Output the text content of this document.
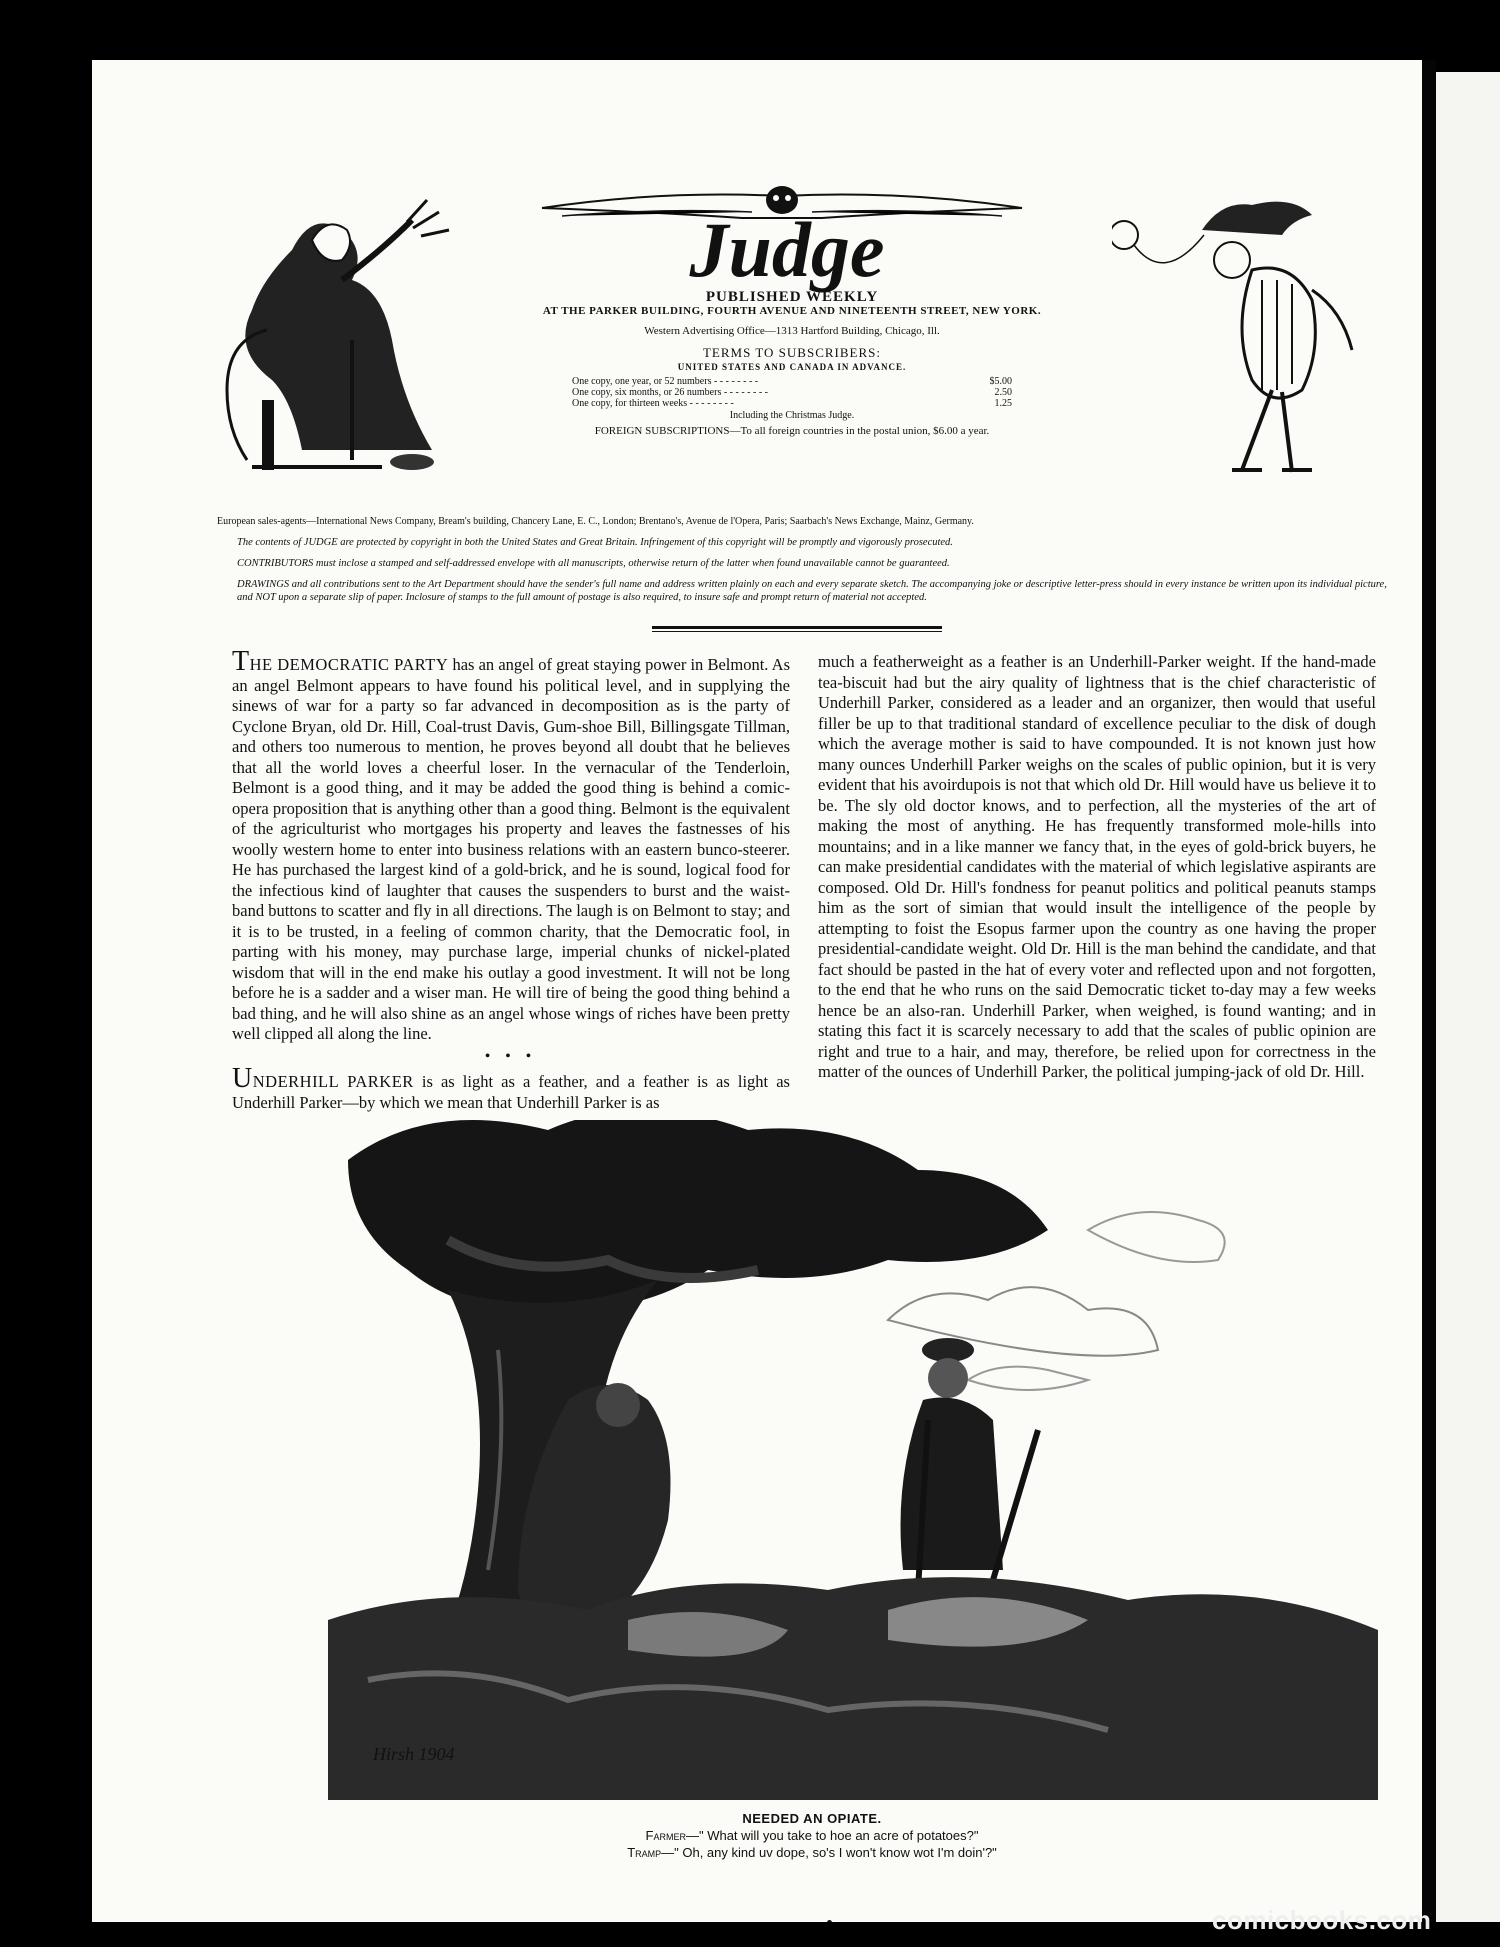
Judge
PUBLISHED WEEKLY
AT THE PARKER BUILDING, FOURTH AVENUE AND NINETEENTH STREET, NEW YORK.
Western Advertising Office—1313 Hartford Building, Chicago, Ill.
TERMS TO SUBSCRIBERS:
UNITED STATES AND CANADA IN ADVANCE.
One copy, one year, or 52 numbers - - - - - - - -	$5.00
One copy, six months, or 26 numbers - - - - - - - -	2.50
One copy, for thirteen weeks - - - - - - - -	1.25
Including the Christmas Judge.
FOREIGN SUBSCRIPTIONS—To all foreign countries in the postal union, $6.00 a year.

European sales-agents—International News Company, Bream's building, Chancery Lane, E. C., London; Brentano's, Avenue de l'Opera, Paris; Saarbach's News Exchange, Mainz, Germany.

The contents of JUDGE are protected by copyright in both the United States and Great Britain. Infringement of this copyright will be promptly and vigorously prosecuted.

CONTRIBUTORS must inclose a stamped and self-addressed envelope with all manuscripts, otherwise return of the latter when found unavailable cannot be guaranteed.

DRAWINGS and all contributions sent to the Art Department should have the sender's full name and address written plainly on each and every separate sketch. The accompanying joke or descriptive letter-press should in every instance be written upon its individual picture, and NOT upon a separate slip of paper. Inclosure of stamps to the full amount of postage is also required, to insure safe and prompt return of material not accepted.

THE DEMOCRATIC PARTY has an angel of great staying power in Belmont. As an angel Belmont appears to have found his political level, and in supplying the sinews of war for a party so far advanced in decomposition as is the party of Cyclone Bryan, old Dr. Hill, Coal-trust Davis, Gum-shoe Bill, Billingsgate Tillman, and others too numerous to mention, he proves beyond all doubt that he believes that all the world loves a cheerful loser. In the vernacular of the Tenderloin, Belmont is a good thing, and it may be added the good thing is behind a comic-opera proposition that is anything other than a good thing. Belmont is the equivalent of the agriculturist who mortgages his property and leaves the fastnesses of his woolly western home to enter into business relations with an eastern bunco-steerer. He has purchased the largest kind of a gold-brick, and he is sound, logical food for the infectious kind of laughter that causes the suspenders to burst and the waist-band buttons to scatter and fly in all directions. The laugh is on Belmont to stay; and it is to be trusted, in a feeling of common charity, that the Democratic fool, in parting with his money, may purchase large, imperial chunks of nickel-plated wisdom that will in the end make his outlay a good investment. It will not be long before he is a sadder and a wiser man. He will tire of being the good thing behind a bad thing, and he will also shine as an angel whose wings of riches have been pretty well clipped all along the line.

• • •

UNDERHILL PARKER is as light as a feather, and a feather is as light as Underhill Parker—by which we mean that Underhill Parker is as

much a featherweight as a feather is an Underhill-Parker weight. If the hand-made tea-biscuit had but the airy quality of lightness that is the chief characteristic of Underhill Parker, considered as a leader and an organizer, then would that useful filler be up to that traditional standard of excellence peculiar to the disk of dough which the average mother is said to have compounded. It is not known just how many ounces Underhill Parker weighs on the scales of public opinion, but it is very evident that his avoirdupois is not that which old Dr. Hill would have us believe it to be. The sly old doctor knows, and to perfection, all the mysteries of the art of making the most of anything. He has frequently transformed mole-hills into mountains; and in a like manner we fancy that, in the eyes of gold-brick buyers, he can make presidential candidates with the material of which legislative aspirants are composed. Old Dr. Hill's fondness for peanut politics and political peanuts stamps him as the sort of simian that would insult the intelligence of the people by attempting to foist the Esopus farmer upon the country as one having the proper presidential-candidate weight. Old Dr. Hill is the man behind the candidate, and that fact should be pasted in the hat of every voter and reflected upon and not forgotten, to the end that he who runs on the said Democratic ticket to-day may a few weeks hence be an also-ran. Underhill Parker, when weighed, is found wanting; and in stating this fact it is scarcely necessary to add that the scales of public opinion are right and true to a hair, and may, therefore, be relied upon for correctness in the matter of the ounces of Underhill Parker, the political jumping-jack of old Dr. Hill.

Hirsh 1904
NEEDED AN OPIATE.
Farmer—" What will you take to hoe an acre of potatoes?"
Tramp—" Oh, any kind uv dope, so's I won't know wot I'm doin'?"
comicbooks.com
